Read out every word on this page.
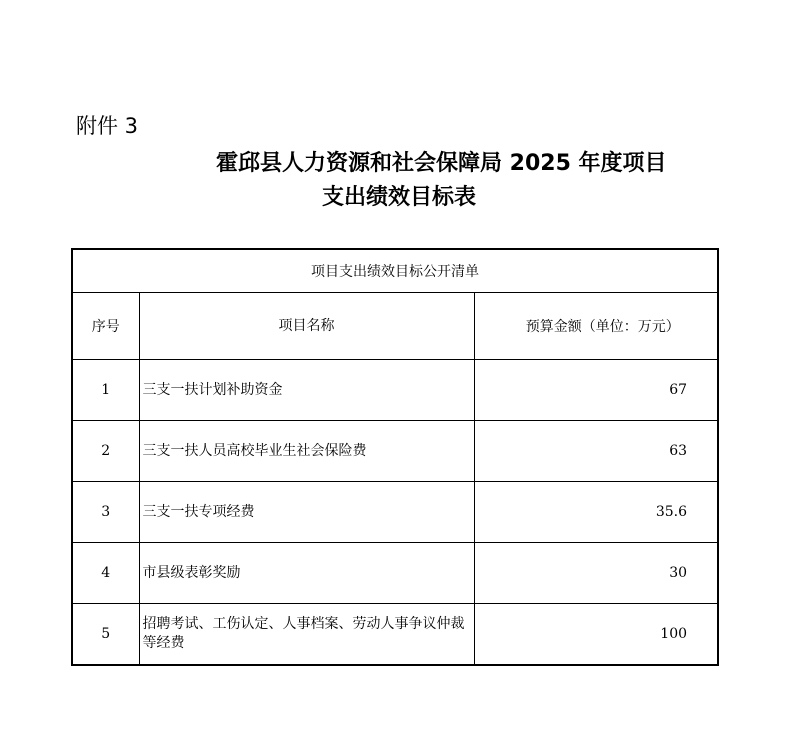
附件 3
霍邱县人力资源和社会保障局 2025 年度项目
支出绩效目标表
项目支出绩效目标公开清单		
序号	项目名称	预算金额（单位：万元）
1	三支一扶计划补助资金	67
2	三支一扶人员高校毕业生社会保险费	63
3	三支一扶专项经费	35.6
4	市县级表彰奖励	30
5	招聘考试、工伤认定、人事档案、劳动人事争议仲裁等经费	100
